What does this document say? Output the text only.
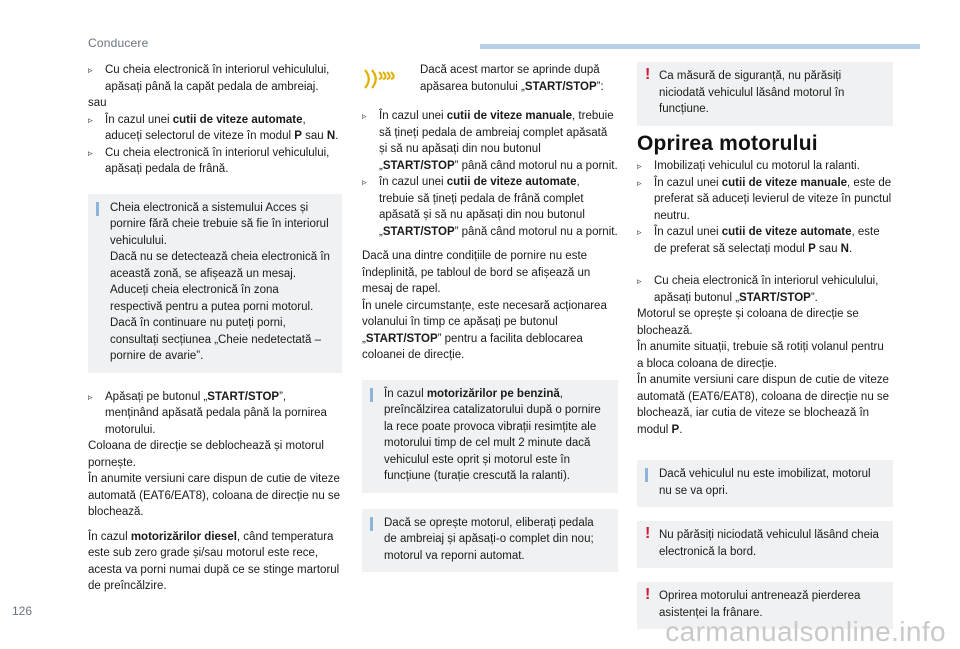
Conducere
▹ Cu cheia electronică în interiorul vehiculului, apăsați până la capăt pedala de ambreiaj.

sau

▹ În cazul unei cutii de viteze automate, aduceți selectorul de viteze în modul P sau N.
▹ Cu cheia electronică în interiorul vehiculului, apăsați pedala de frână.

Cheia electronică a sistemului Acces și pornire fără cheie trebuie să fie în interiorul vehiculului.

Dacă nu se detectează cheia electronică în această zonă, se afișează un mesaj.

Aduceți cheia electronică în zona respectivă pentru a putea porni motorul.

Dacă în continuare nu puteți porni, consultați secțiunea „Cheie nedetectată – pornire de avarie”.

▹ Apăsați pe butonul „START/STOP”, menținând apăsată pedala până la pornirea motorului.

Coloana de direcție se deblochează și motorul pornește.

În anumite versiuni care dispun de cutie de viteze automată (EAT6/EAT8), coloana de direcție nu se blochează.

În cazul motorizărilor diesel, când temperatura este sub zero grade și/sau motorul este rece, acesta va porni numai după ce se stinge martorul de preîncălzire.

Dacă acest martor se aprinde după apăsarea butonului „START/STOP”:
▹ În cazul unei cutii de viteze manuale, trebuie să țineți pedala de ambreiaj complet apăsată și să nu apăsați din nou butonul „START/STOP” până când motorul nu a pornit.
▹ în cazul unei cutii de viteze automate, trebuie să țineți pedala de frână complet apăsată și să nu apăsați din nou butonul „START/STOP” până când motorul nu a pornit.

Dacă una dintre condițiile de pornire nu este îndeplinită, pe tabloul de bord se afișează un mesaj de rapel.

În unele circumstanțe, este necesară acționarea volanului în timp ce apăsați pe butonul „START/STOP” pentru a facilita deblocarea coloanei de direcție.

În cazul motorizărilor pe benzină, preîncălzirea catalizatorului după o pornire la rece poate provoca vibrații resimțite ale motorului timp de cel mult 2 minute dacă vehiculul este oprit și motorul este în funcțiune (turație crescută la ralanti).
Dacă se oprește motorul, eliberați pedala de ambreiaj și apăsați-o complet din nou; motorul va reporni automat.
! Ca măsură de siguranță, nu părăsiți niciodată vehiculul lăsând motorul în funcțiune.
Oprirea motorului
▹ Imobilizați vehiculul cu motorul la ralanti.
▹ În cazul unei cutii de viteze manuale, este de preferat să aduceți levierul de viteze în punctul neutru.
▹ În cazul unei cutii de viteze automate, este de preferat să selectați modul P sau N.
▹ Cu cheia electronică în interiorul vehiculului, apăsați butonul „START/STOP”.

Motorul se oprește și coloana de direcție se blochează.

În anumite situații, trebuie să rotiți volanul pentru a bloca coloana de direcție.

În anumite versiuni care dispun de cutie de viteze automată (EAT6/EAT8), coloana de direcție nu se blochează, iar cutia de viteze se blochează în modul P.

Dacă vehiculul nu este imobilizat, motorul nu se va opri.
! Nu părăsiți niciodată vehiculul lăsând cheia electronică la bord.
! Oprirea motorului antrenează pierderea asistenței la frânare.
126
carmanualsonline.info
